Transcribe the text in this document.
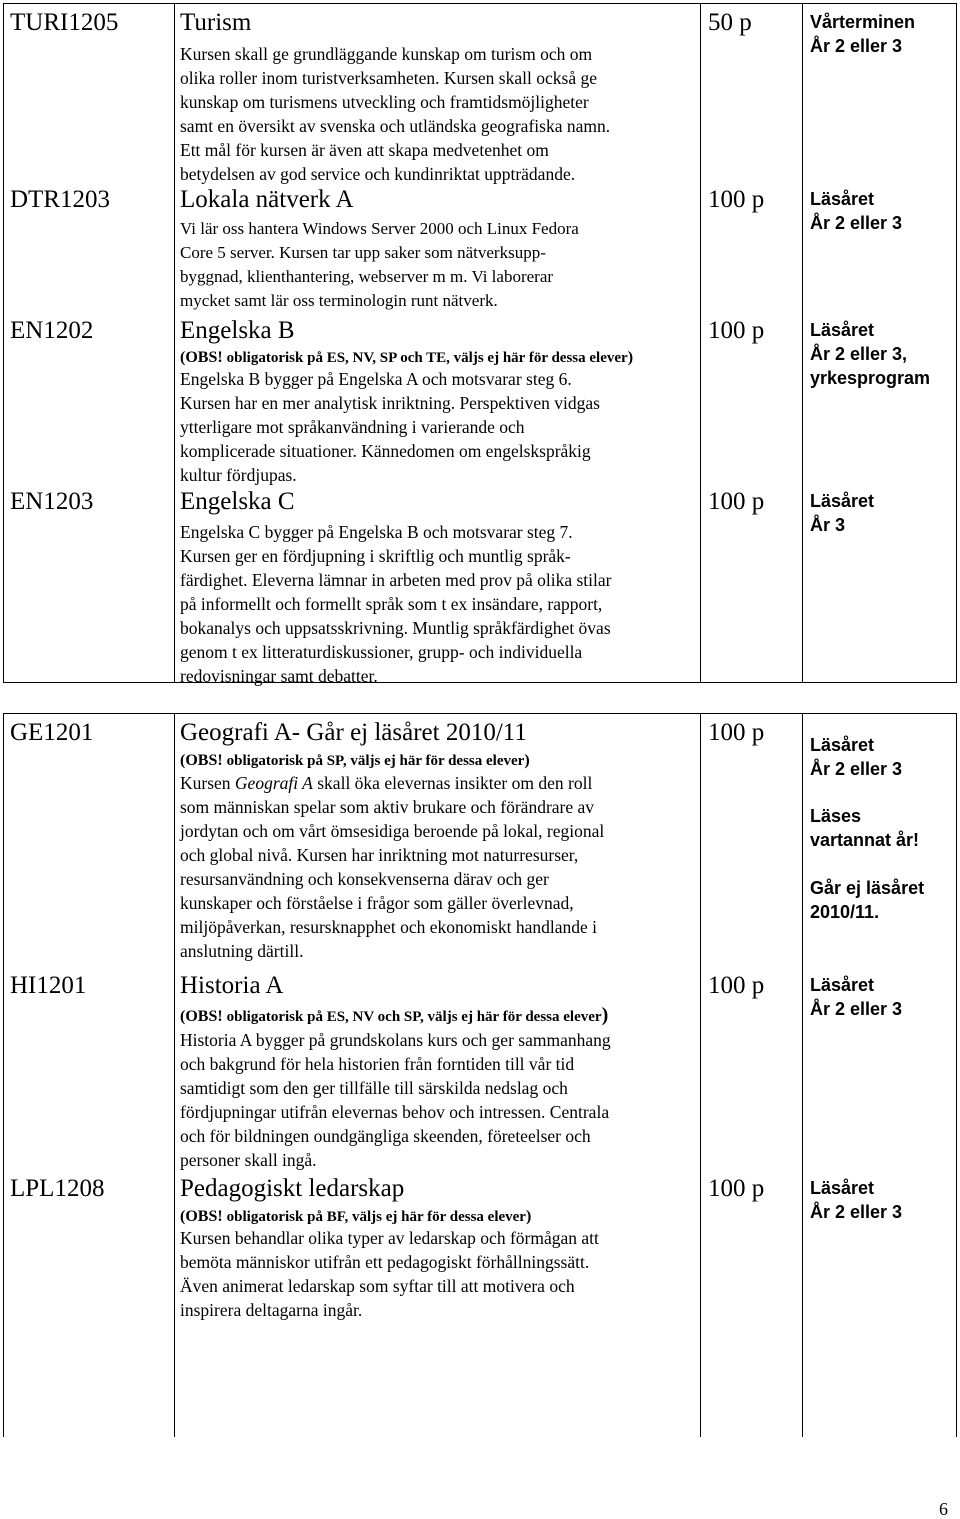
TURI1205 Turism
Kursen skall ge grundläggande kunskap om turism och om
olika roller inom turistverksamheten. Kursen skall också ge
kunskap om turismens utveckling och framtidsmöjligheter
samt en översikt av svenska och utländska geografiska namn.
Ett mål för kursen är även att skapa medvetenhet om
betydelsen av god service och kundinriktat uppträdande.
50 p	Vårterminen
År 2 eller 3
DTR1203	Lokala nätverk A
Vi lär oss hantera Windows Server 2000 och Linux Fedora
Core 5 server. Kursen tar upp saker som nätverksupp-
byggnad, klienthantering, webserver m m. Vi laborerar
mycket samt lär oss terminologin runt nätverk.
100 p	Läsåret
År 2 eller 3
EN1202	Engelska B
(OBS! obligatorisk på ES, NV, SP och TE, väljs ej här för dessa elever)
Engelska B bygger på Engelska A och motsvarar steg 6.
Kursen har en mer analytisk inriktning. Perspektiven vidgas
ytterligare mot språkanvändning i varierande och
komplicerade situationer. Kännedomen om engelskspråkig
kultur fördjupas.
100 p	Läsåret
År 2 eller 3,
yrkesprogram
EN1203	Engelska C
Engelska C bygger på Engelska B och motsvarar steg 7.
Kursen ger en fördjupning i skriftlig och muntlig språk-
färdighet. Eleverna lämnar in arbeten med prov på olika stilar
på informellt och formellt språk som t ex insändare, rapport,
bokanalys och uppsatsskrivning. Muntlig språkfärdighet övas
genom t ex litteraturdiskussioner, grupp- och individuella
redovisningar samt debatter.
100 p	Läsåret
År 3
GE1201	Geografi A- Går ej läsåret 2010/11
(OBS! obligatorisk på SP, väljs ej här för dessa elever)
Kursen Geografi A skall öka elevernas insikter om den roll
som människan spelar som aktiv brukare och förändrare av
jordytan och om vårt ömsesidiga beroende på lokal, regional
och global nivå. Kursen har inriktning mot naturresurser,
resursanvändning och konsekvenserna därav och ger
kunskaper och förståelse i frågor som gäller överlevnad,
miljöpåverkan, resursknapphet och ekonomiskt handlande i
anslutning därtill.
100 p	Läsåret
År 2 eller 3
Läses
vartannat år!
Går ej läsåret
2010/11.
HI1201	Historia A
(OBS! obligatorisk på ES, NV och SP, väljs ej här för dessa elever)
Historia A bygger på grundskolans kurs och ger sammanhang
och bakgrund för hela historien från forntiden till vår tid
samtidigt som den ger tillfälle till särskilda nedslag och
fördjupningar utifrån elevernas behov och intressen. Centrala
och för bildningen oundgängliga skeenden, företeelser och
personer skall ingå.
100 p	Läsåret
År 2 eller 3
LPL1208	Pedagogiskt ledarskap
(OBS! obligatorisk på BF, väljs ej här för dessa elever)
Kursen behandlar olika typer av ledarskap och förmågan att
bemöta människor utifrån ett pedagogiskt förhållningssätt.
Även animerat ledarskap som syftar till att motivera och
inspirera deltagarna ingår.
100 p	Läsåret
År 2 eller 3
6
